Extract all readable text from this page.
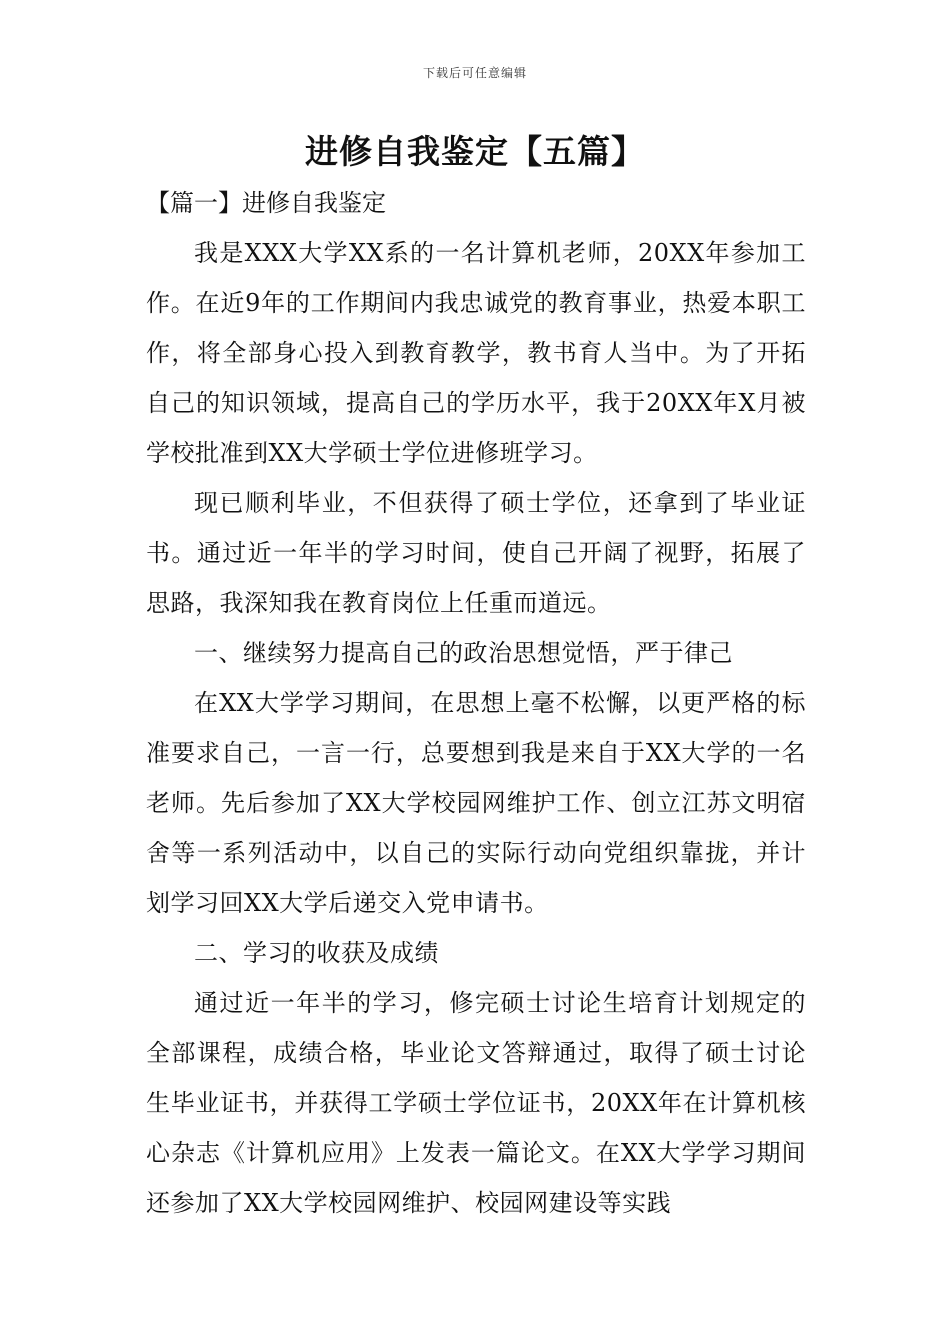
下载后可任意编辑
进修自我鉴定【五篇】

【篇一】进修自我鉴定

我是XXX大学XX系的一名计算机老师，20XX年参加工作。在近9年的工作期间内我忠诚党的教育事业，热爱本职工作，将全部身心投入到教育教学，教书育人当中。为了开拓自己的知识领域，提高自己的学历水平，我于20XX年X月被学校批准到XX大学硕士学位进修班学习。

现已顺利毕业，不但获得了硕士学位，还拿到了毕业证书。通过近一年半的学习时间，使自己开阔了视野，拓展了思路，我深知我在教育岗位上任重而道远。

一、继续努力提高自己的政治思想觉悟，严于律己

在XX大学学习期间，在思想上毫不松懈，以更严格的标准要求自己，一言一行，总要想到我是来自于XX大学的一名老师。先后参加了XX大学校园网维护工作、创立江苏文明宿舍等一系列活动中，以自己的实际行动向党组织靠拢，并计划学习回XX大学后递交入党申请书。

二、学习的收获及成绩

通过近一年半的学习，修完硕士讨论生培育计划规定的全部课程，成绩合格，毕业论文答辩通过，取得了硕士讨论生毕业证书，并获得工学硕士学位证书，20XX年在计算机核心杂志《计算机应用》上发表一篇论文。在XX大学学习期间还参加了XX大学校园网维护、校园网建设等实践
